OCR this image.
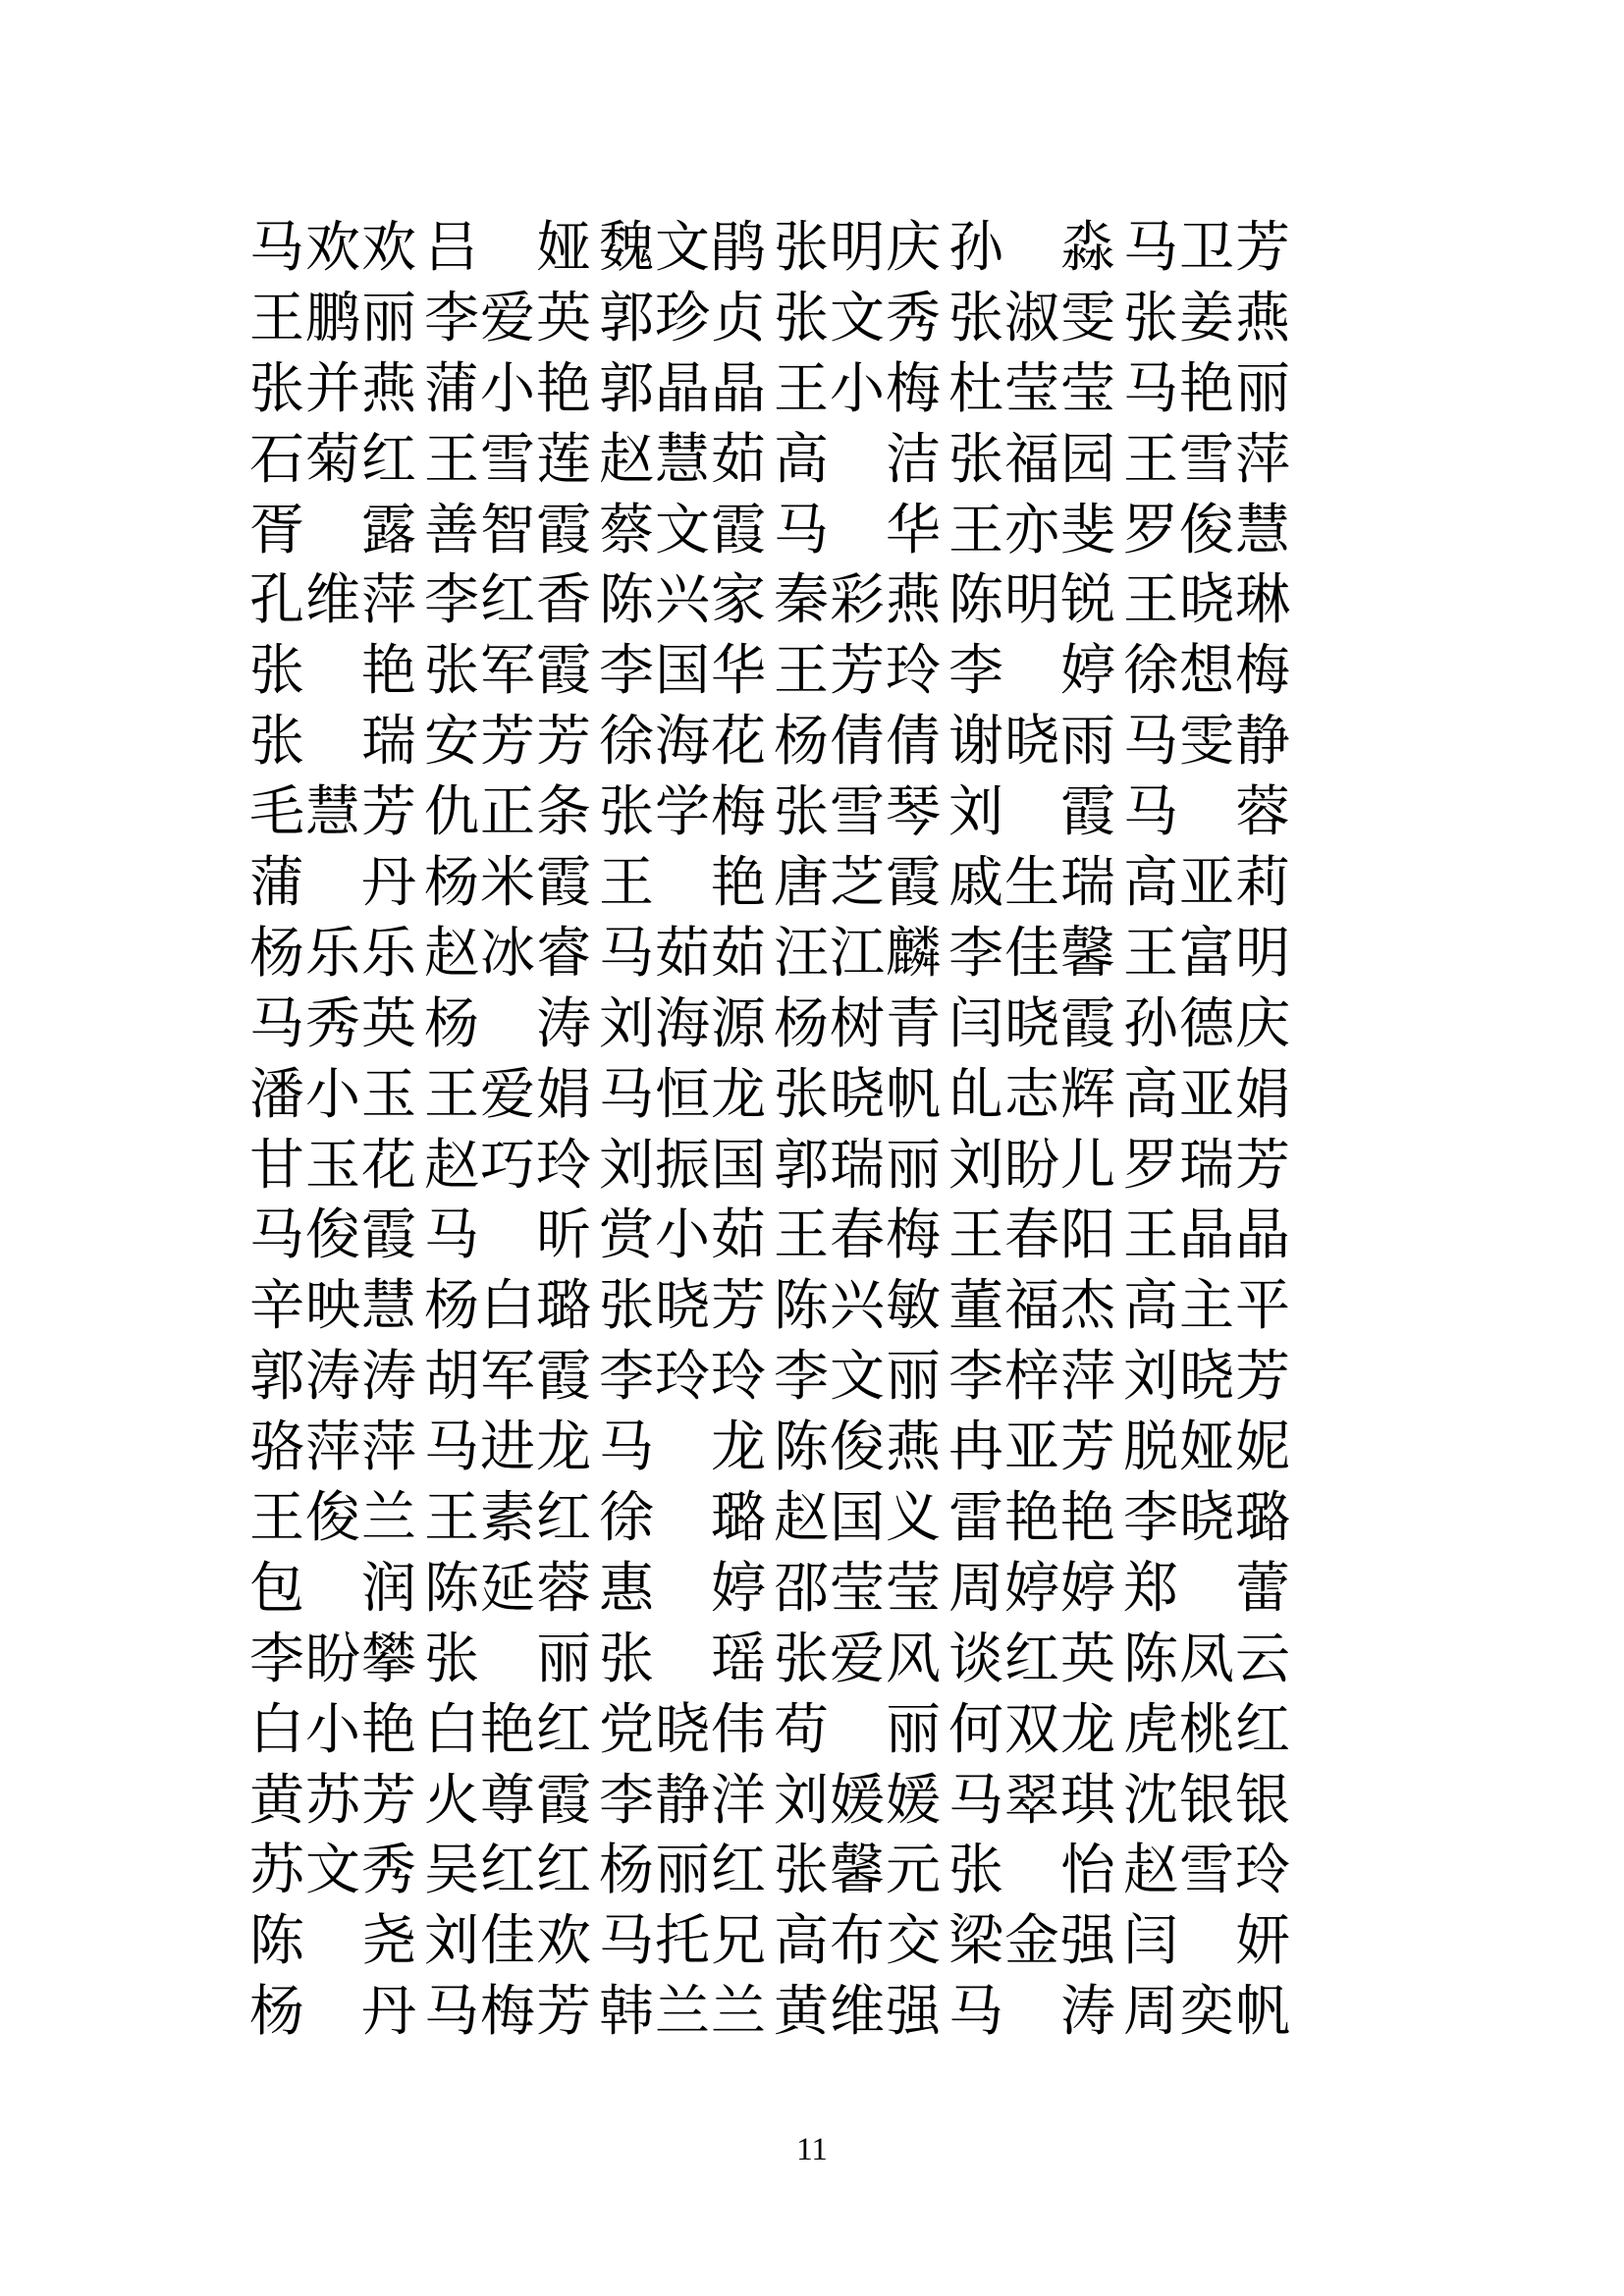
马欢欢 吕娅 魏文鹃 张明庆 孙淼 马卫芳
王鹏丽 李爱英 郭珍贞 张文秀 张淑雯 张姜燕
张并燕 蒲小艳 郭晶晶 王小梅 杜莹莹 马艳丽
石菊红 王雪莲 赵慧茹 高洁 张福园 王雪萍
胥露 善智霞 蔡文霞 马华 王亦斐 罗俊慧
孔维萍 李红香 陈兴家 秦彩燕 陈明锐 王晓琳
张艳 张军霞 李国华 王芳玲 李婷 徐想梅
张瑞 安芳芳 徐海花 杨倩倩 谢晓雨 马雯静
毛慧芳 仇正条 张学梅 张雪琴 刘霞 马蓉
蒲丹 杨米霞 王艳 唐芝霞 戚生瑞 高亚莉
杨乐乐 赵冰睿 马茹茹 汪江麟 李佳馨 王富明
马秀英 杨涛 刘海源 杨树青 闫晓霞 孙德庆
潘小玉 王爱娟 马恒龙 张晓帆 癿志辉 高亚娟
甘玉花 赵巧玲 刘振国 郭瑞丽 刘盼儿 罗瑞芳
马俊霞 马昕 赏小茹 王春梅 王春阳 王晶晶
辛映慧 杨白璐 张晓芳 陈兴敏 董福杰 高主平
郭涛涛 胡军霞 李玲玲 李文丽 李梓萍 刘晓芳
骆萍萍 马进龙 马龙 陈俊燕 冉亚芳 脱娅妮
王俊兰 王素红 徐璐 赵国义 雷艳艳 李晓璐
包润 陈延蓉 惠婷 邵莹莹 周婷婷 郑蕾
李盼攀 张丽 张瑶 张爱风 谈红英 陈凤云
白小艳 白艳红 党晓伟 苟丽 何双龙 虎桃红
黄苏芳 火尊霞 李静洋 刘媛媛 马翠琪 沈银银
苏文秀 吴红红 杨丽红 张馨元 张怡 赵雪玲
陈尧 刘佳欢 马托兄 高布交 梁金强 闫妍
杨丹 马梅芳 韩兰兰 黄维强 马涛 周奕帆
11
